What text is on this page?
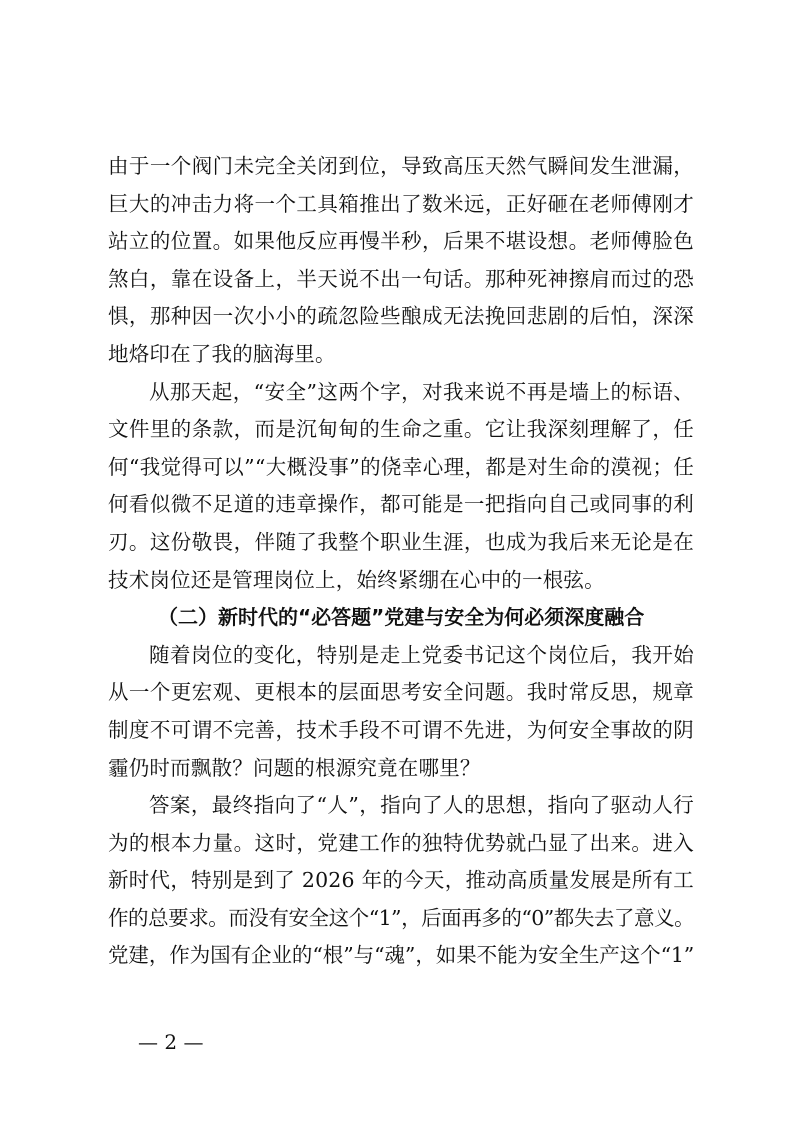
由于一个阀门未完全关闭到位，导致高压天然气瞬间发生泄漏，
巨大的冲击力将一个工具箱推出了数米远，正好砸在老师傅刚才
站立的位置。如果他反应再慢半秒，后果不堪设想。老师傅脸色
煞白，靠在设备上，半天说不出一句话。那种死神擦肩而过的恐
惧，那种因一次小小的疏忽险些酿成无法挽回悲剧的后怕，深深
地烙印在了我的脑海里。
从那天起，“安全”这两个字，对我来说不再是墙上的标语、
文件里的条款，而是沉甸甸的生命之重。它让我深刻理解了，任
何“我觉得可以”“大概没事”的侥幸心理，都是对生命的漠视；任
何看似微不足道的违章操作，都可能是一把指向自己或同事的利
刃。这份敬畏，伴随了我整个职业生涯，也成为我后来无论是在
技术岗位还是管理岗位上，始终紧绷在心中的一根弦。
（二）新时代的“必答题”党建与安全为何必须深度融合
随着岗位的变化，特别是走上党委书记这个岗位后，我开始
从一个更宏观、更根本的层面思考安全问题。我时常反思，规章
制度不可谓不完善，技术手段不可谓不先进，为何安全事故的阴
霾仍时而飘散？问题的根源究竟在哪里？
答案，最终指向了“人”，指向了人的思想，指向了驱动人行
为的根本力量。这时，党建工作的独特优势就凸显了出来。进入
新时代，特别是到了 2026 年的今天，推动高质量发展是所有工
作的总要求。而没有安全这个“1”，后面再多的“0”都失去了意义。
党建，作为国有企业的“根”与“魂”，如果不能为安全生产这个“1”
— 2 —
